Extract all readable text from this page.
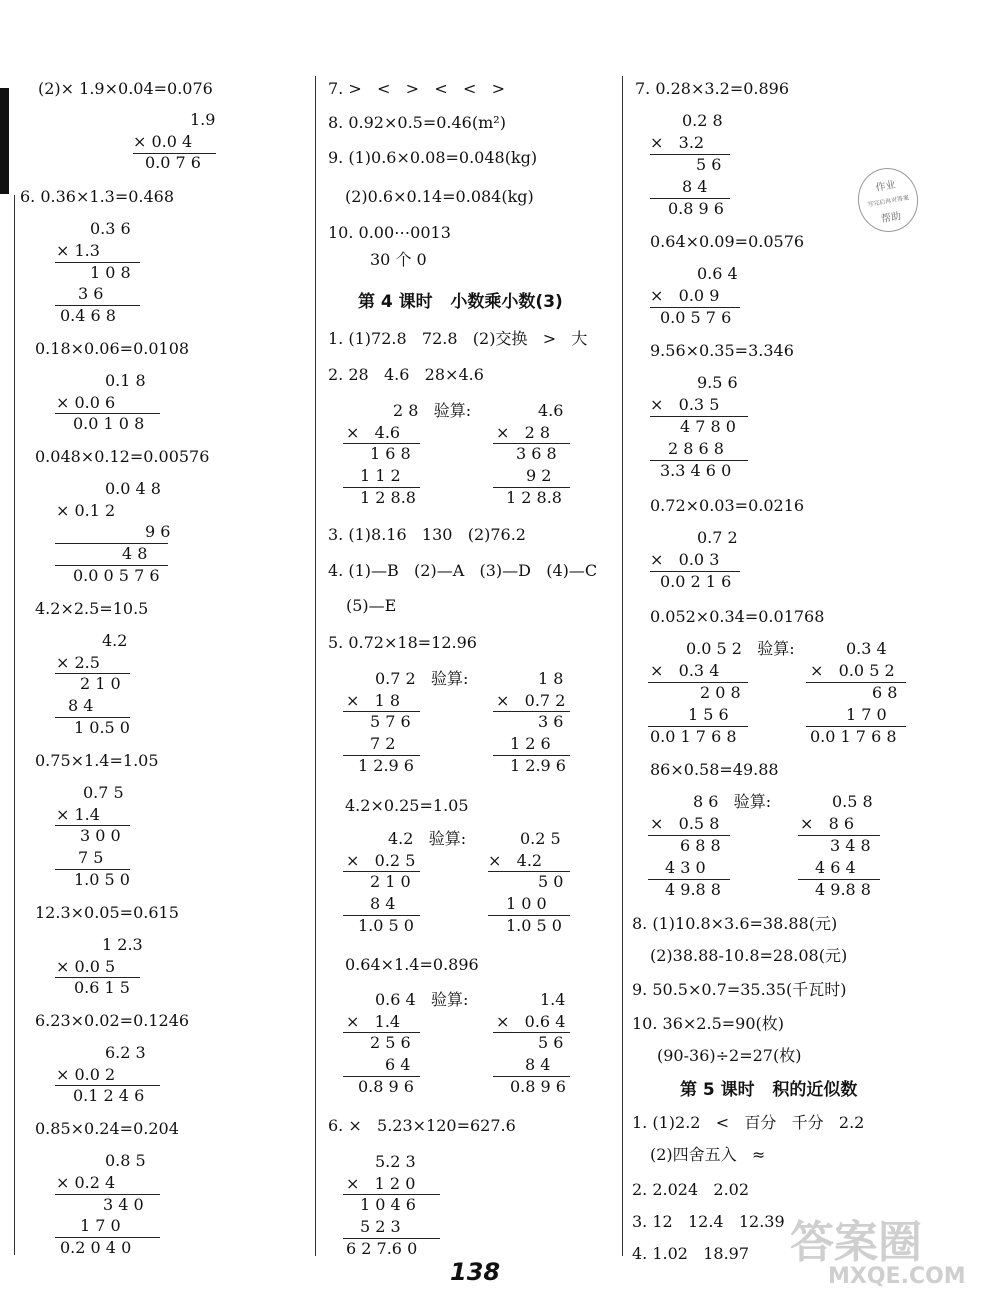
(2)× 1.9×0.04=0.076
1.9
× 0.0 4
0.0 7 6
6. 0.36×1.3=0.468
0.3 6
× 1.3
1 0 8
3 6
0.4 6 8
0.18×0.06=0.0108
0.1 8
× 0.0 6
0.0 1 0 8
0.048×0.12=0.00576
0.0 4 8
× 0.1 2
9 6
4 8
0.0 0 5 7 6
4.2×2.5=10.5
4.2
× 2.5
2 1 0
8 4
1 0.5 0
0.75×1.4=1.05
0.7 5
× 1.4
3 0 0
7 5
1.0 5 0
12.3×0.05=0.615
1 2.3
× 0.0 5
0.6 1 5
6.23×0.02=0.1246
6.2 3
× 0.0 2
0.1 2 4 6
0.85×0.24=0.204
0.8 5
× 0.2 4
3 4 0
1 7 0
0.2 0 4 0
7. >   <   >   <   <   >
8. 0.92×0.5=0.46(m²)
9. (1)0.6×0.08=0.048(kg)
(2)0.6×0.14=0.084(kg)
10. 0.00⋯0013
30 个 0
第 4 课时   小数乘小数(3)
1. (1)72.8   72.8   (2)交换   >   大
2. 28   4.6   28×4.6
2 8   验算:	4.6
×   4.6	×   2 8
1 6 8	3 6 8
1 1 2	9 2
1 2 8.8	1 2 8.8
3. (1)8.16   130   (2)76.2
4. (1)—B   (2)—A   (3)—D   (4)—C
(5)—E
5. 0.72×18=12.96
0.7 2   验算:	1 8
×   1 8	×   0.7 2
5 7 6	3 6
7 2	1 2 6
1 2.9 6	1 2.9 6
4.2×0.25=1.05
4.2   验算:	0.2 5
×   0.2 5	×   4.2
2 1 0	5 0
8 4	1 0 0
1.0 5 0	1.0 5 0
0.64×1.4=0.896
0.6 4   验算:	1.4
×   1.4	×   0.6 4
2 5 6	5 6
6 4	8 4
0.8 9 6	0.8 9 6
6. ×   5.23×120=627.6
5.2 3
×   1 2 0
1 0 4 6
5 2 3
6 2 7.6 0
7. 0.28×3.2=0.896
0.2 8
×   3.2
5 6
8 4
0.8 9 6
0.64×0.09=0.0576
0.6 4
×   0.0 9
0.0 5 7 6
9.56×0.35=3.346
9.5 6
×   0.3 5
4 7 8 0
2 8 6 8
3.3 4 6 0
0.72×0.03=0.0216
0.7 2
×   0.0 3
0.0 2 1 6
0.052×0.34=0.01768
0.0 5 2   验算:	0.3 4
×   0.3 4	×   0.0 5 2
2 0 8	6 8
1 5 6	1 7 0
0.0 1 7 6 8	0.0 1 7 6 8
86×0.58=49.88
8 6   验算:	0.5 8
×   0.5 8	×   8 6
6 8 8	3 4 8
4 3 0	4 6 4
4 9.8 8	4 9.8 8
8. (1)10.8×3.6=38.88(元)
(2)38.88-10.8=28.08(元)
9. 50.5×0.7=35.35(千瓦时)
10. 36×2.5=90(枚)
(90-36)÷2=27(枚)
第 5 课时   积的近似数
1. (1)2.2   <   百分   千分   2.2
(2)四舍五入   ≈
2. 2.024   2.02
3. 12   12.4   12.39
4. 1.02   18.97
作业
写完后再对答案
帮助
138
答案圈
MXQE.COM
